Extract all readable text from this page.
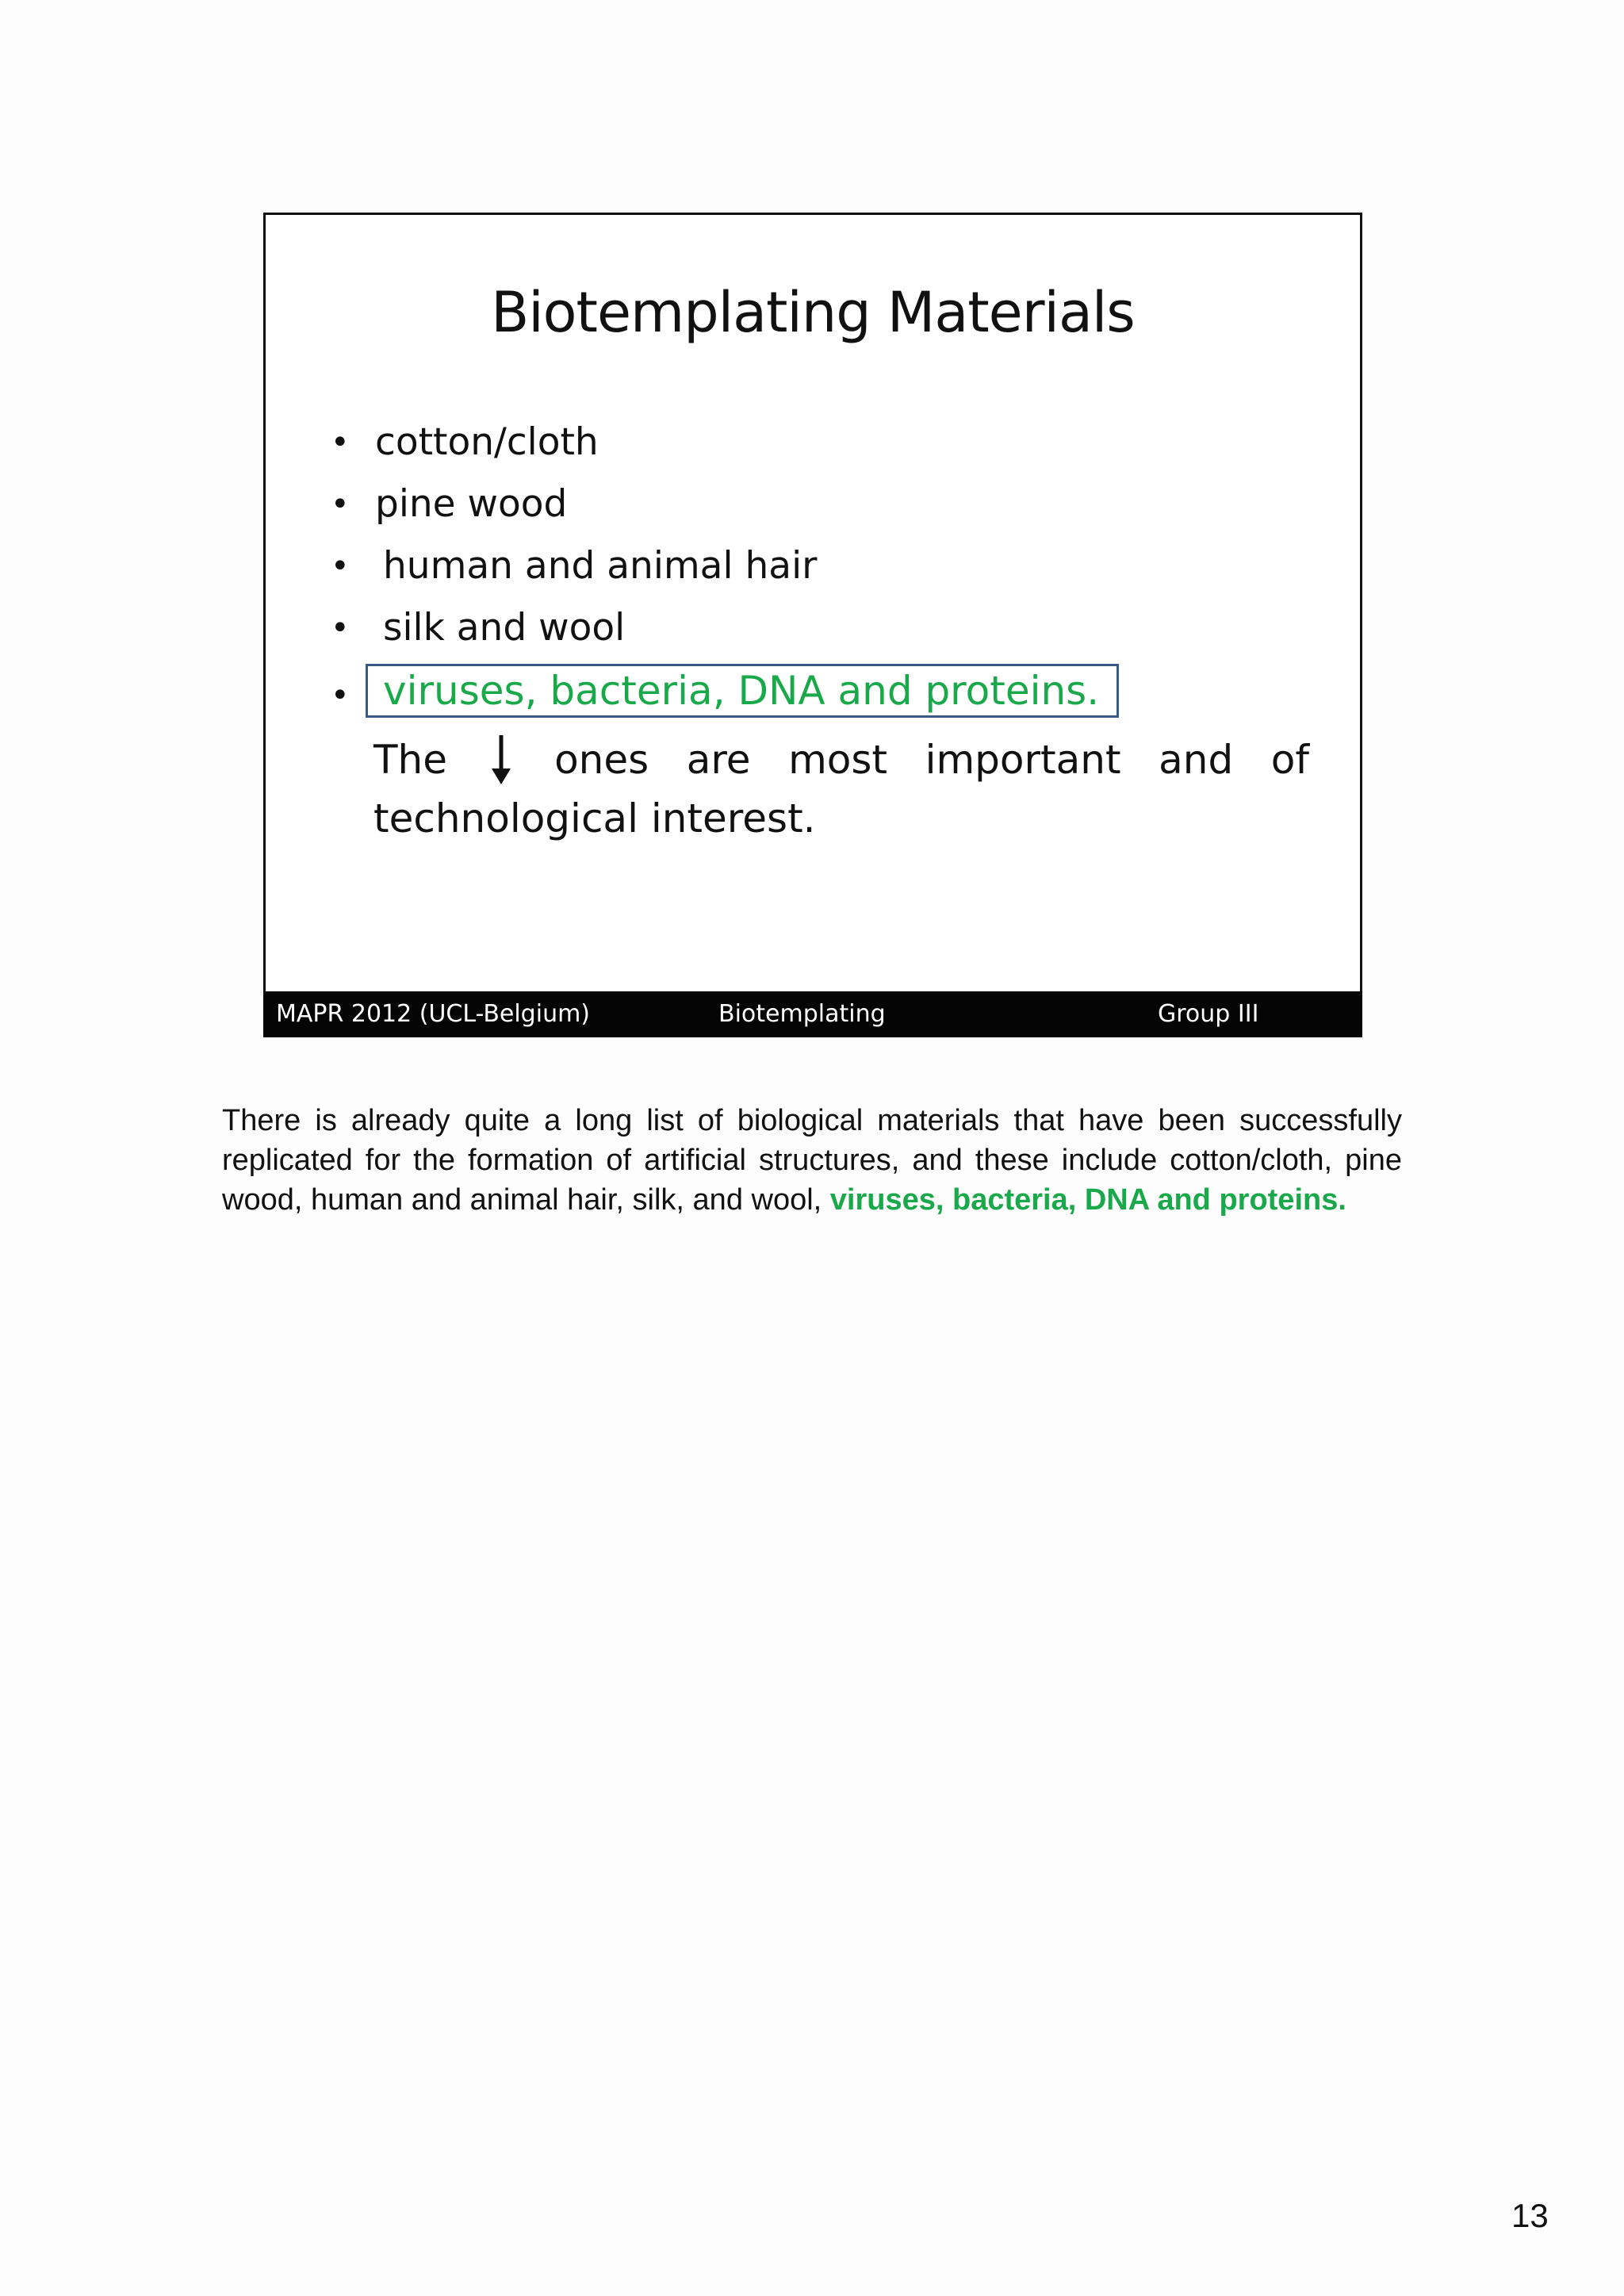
Biotemplating Materials
• cotton/cloth
• pine wood
• human and animal hair
• silk and wool
• viruses, bacteria, DNA and proteins.
The	ones are most important and of
technological interest.
MAPR 2012 (UCL-Belgium)	Biotemplating	Group III
There is already quite a long list of biological materials that have been successfully replicated for the formation of artificial structures, and these include cotton/cloth, pine wood, human and animal hair, silk, and wool, viruses, bacteria, DNA and proteins.
13
